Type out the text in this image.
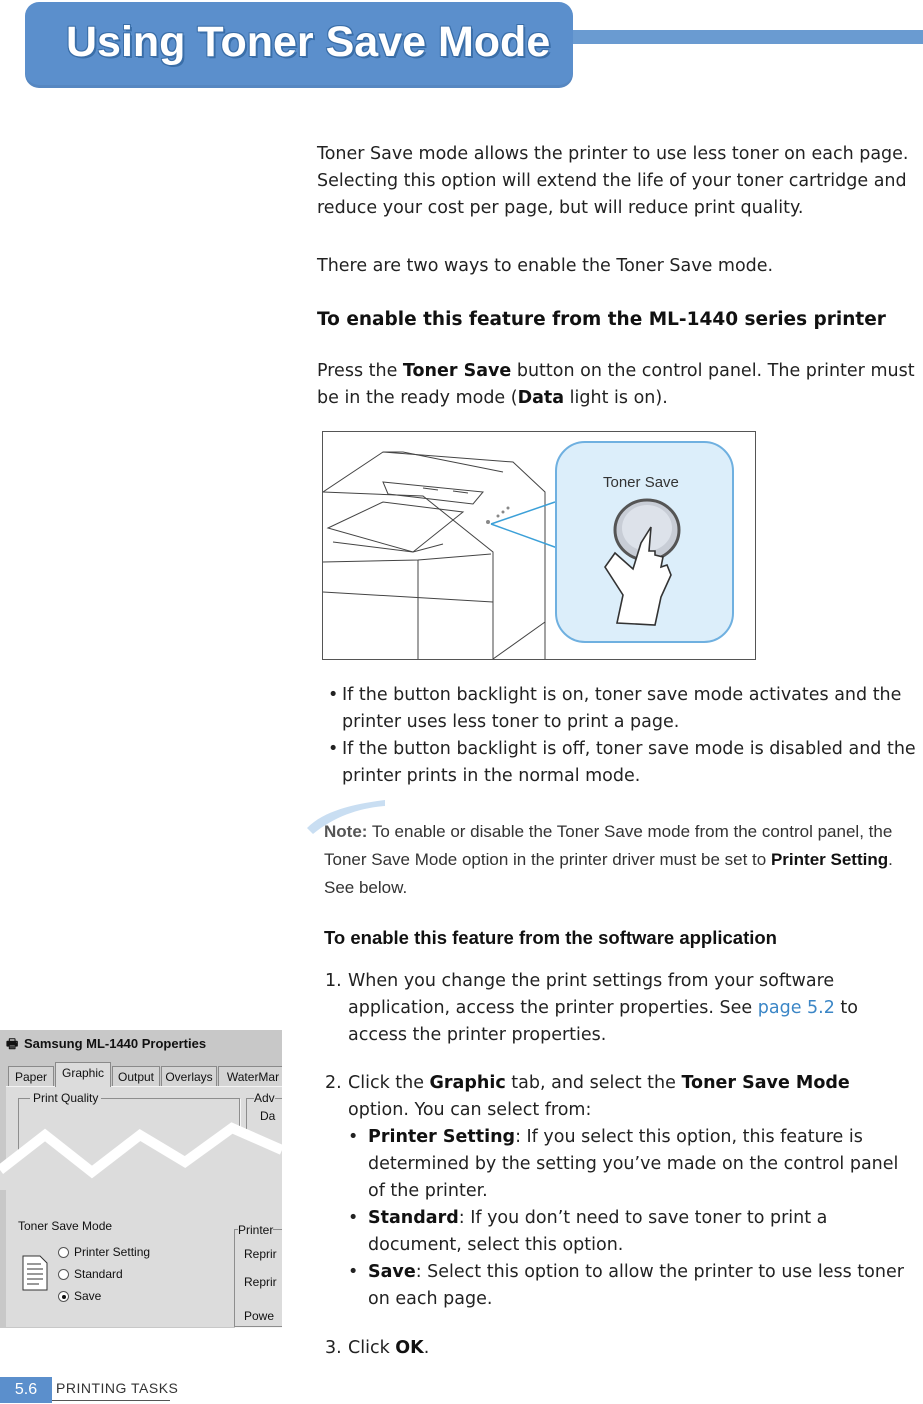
Using Toner Save Mode
Toner Save mode allows the printer to use less toner on each page. Selecting this option will extend the life of your toner cartridge and reduce your cost per page, but will reduce print quality.
There are two ways to enable the Toner Save mode.
To enable this feature from the ML-1440 series printer
Press the Toner Save button on the control panel. The printer must be in the ready mode (Data light is on).
Toner Save
• If the button backlight is on, toner save mode activates and the printer uses less toner to print a page.
• If the button backlight is off, toner save mode is disabled and the printer prints in the normal mode.
Note: To enable or disable the Toner Save mode from the control panel, the Toner Save Mode option in the printer driver must be set to Printer Setting. See below.
To enable this feature from the software application
1. When you change the print settings from your software application, access the printer properties. See page 5.2 to access the printer properties.
2. Click the Graphic tab, and select the Toner Save Mode option. You can select from:
• Printer Setting: If you select this option, this feature is determined by the setting you’ve made on the control panel of the printer.
• Standard: If you don’t need to save toner to print a document, select this option.
• Save: Select this option to allow the printer to use less toner on each page.
3. Click OK.
🖶 Samsung ML-1440 Properties
Paper	Graphic	Output Overlays	WaterMar
Print Quality	Adv
Da
Toner Save Mode
Printer Setting
Standard
Save
Printer
Reprir
Reprir
Powe
5.6	PRINTING TASKS
